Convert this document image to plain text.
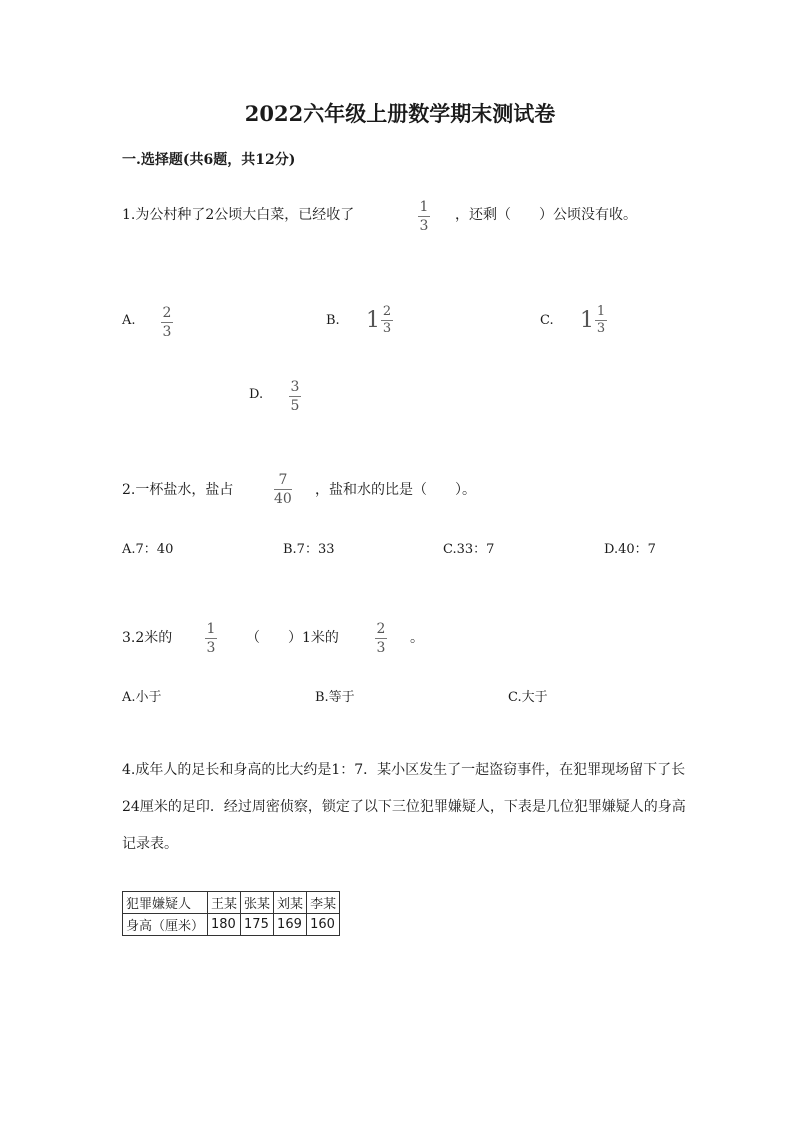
2022六年级上册数学期末测试卷
一.选择题(共6题，共12分)
1.为公村种了2公顷大白菜，已经收了	1
3
，还剩（　　）公顷没有收。
A. 2
3
B. $1 \frac{2}{3}$	C. $1 \frac{1}{3}$
D. 3
5
2.一杯盐水，盐占
7
40
，盐和水的比是（　　）。
A.7：40	B.7：33	C.33：7	D.40：7
3.2米的
1
3
（　　）1米的
2
3
。
A.小于	B.等于	C.大于
4.成年人的足长和身高的比大约是1：7．某小区发生了一起盗窃事件，在犯罪现场留下了长24厘米的足印．经过周密侦察，锁定了以下三位犯罪嫌疑人，下表是几位犯罪嫌疑人的身高记录表。
犯罪嫌疑人	王某	张某	刘某	李某
身高（厘米）	180	175	169	160
